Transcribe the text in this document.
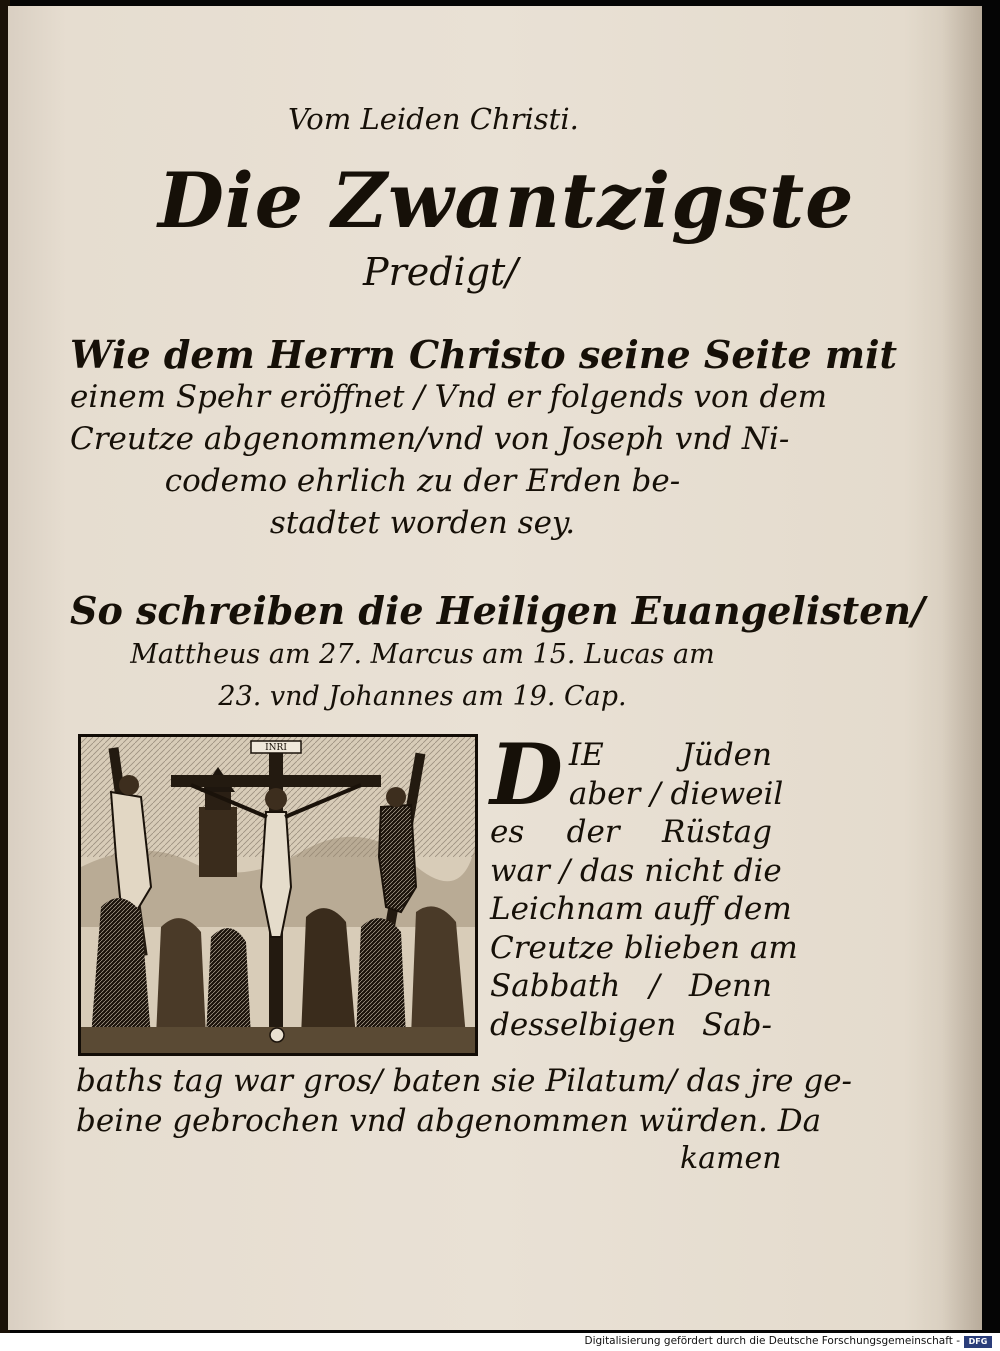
Vom Leiden Christi.
Die Zwantzigste
Predigt/
Wie dem Herrn Christo seine Seite mit
einem Spehr eröffnet / Vnd er folgends von dem
Creutze abgenommen/vnd von Joseph vnd Ni-
codemo ehrlich zu der Erden be-
stadtet worden sey.
So schreiben die Heiligen Euangelisten/
Mattheus am 27. Marcus am 15. Lucas am
23. vnd Johannes am 19. Cap.
INRI D IE Jüden
aber / dieweil
es der Rüstag
war / das nicht die
Leichnam auff dem
Creutze blieben am
Sabbath / Denn
desselbigen Sab-
baths tag war gros/ baten sie Pilatum/ das jre ge-
beine gebrochen vnd abgenommen würden. Da
kamen
Digitalisierung gefördert durch die Deutsche Forschungsgemeinschaft -	DFG
